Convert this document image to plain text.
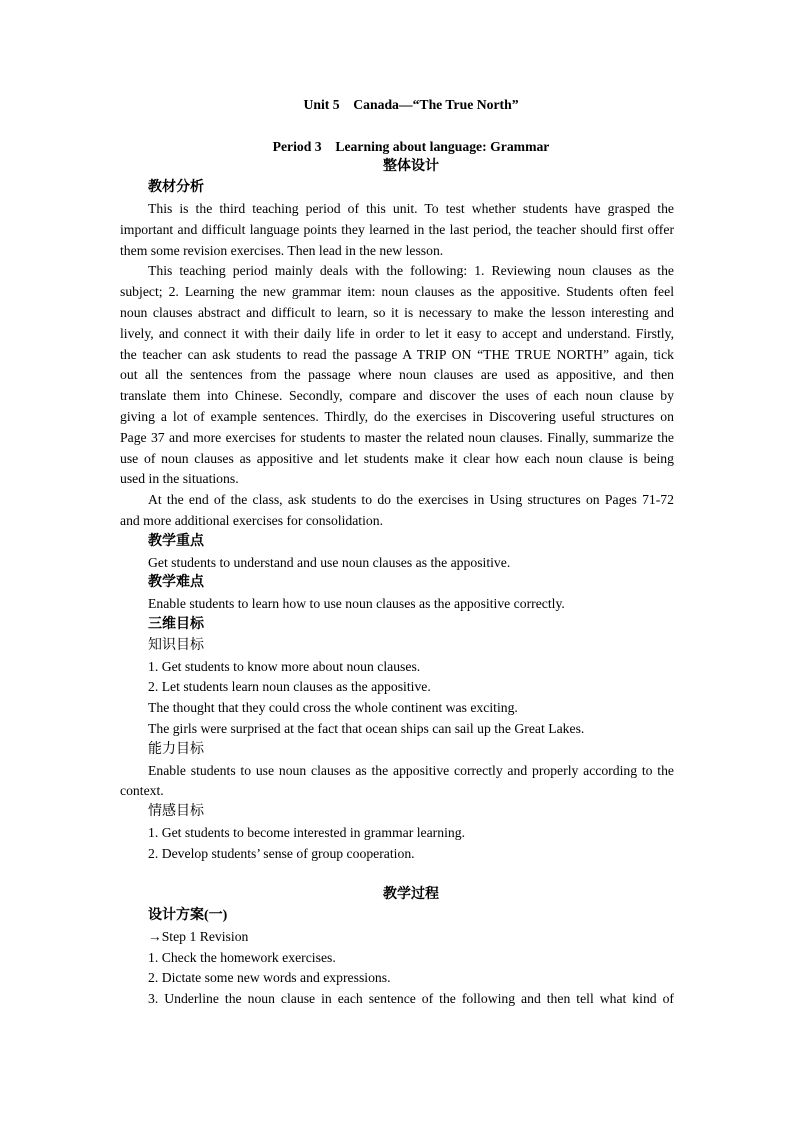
Unit 5　Canada—“The True North”
Period 3　Learning about language: Grammar
整体设计
教材分析
This is the third teaching period of this unit. To test whether students have grasped the
important and difficult language points they learned in the last period, the teacher should first offer
them some revision exercises. Then lead in the new lesson.
This teaching period mainly deals with the following: 1. Reviewing noun clauses as the
subject; 2. Learning the new grammar item: noun clauses as the appositive. Students often feel
noun clauses abstract and difficult to learn, so it is necessary to make the lesson interesting and
lively, and connect it with their daily life in order to let it easy to accept and understand. Firstly,
the teacher can ask students to read the passage A TRIP ON “THE TRUE NORTH” again, tick
out all the sentences from the passage where noun clauses are used as appositive, and then
translate them into Chinese. Secondly, compare and discover the uses of each noun clause by
giving a lot of example sentences. Thirdly, do the exercises in Discovering useful structures on
Page 37 and more exercises for students to master the related noun clauses. Finally, summarize the
use of noun clauses as appositive and let students make it clear how each noun clause is being
used in the situations.
At the end of the class, ask students to do the exercises in Using structures on Pages 71-72
and more additional exercises for consolidation.
教学重点
Get students to understand and use noun clauses as the appositive.
教学难点
Enable students to learn how to use noun clauses as the appositive correctly.
三维目标
知识目标
1. Get students to know more about noun clauses.
2. Let students learn noun clauses as the appositive.
The thought that they could cross the whole continent was exciting.
The girls were surprised at the fact that ocean ships can sail up the Great Lakes.
能力目标
Enable students to use noun clauses as the appositive correctly and properly according to the
context.
情感目标
1. Get students to become interested in grammar learning.
2. Develop students’ sense of group cooperation.
教学过程
设计方案(一)
→Step 1 Revision
1. Check the homework exercises.
2. Dictate some new words and expressions.
3. Underline the noun clause in each sentence of the following and then tell what kind of
